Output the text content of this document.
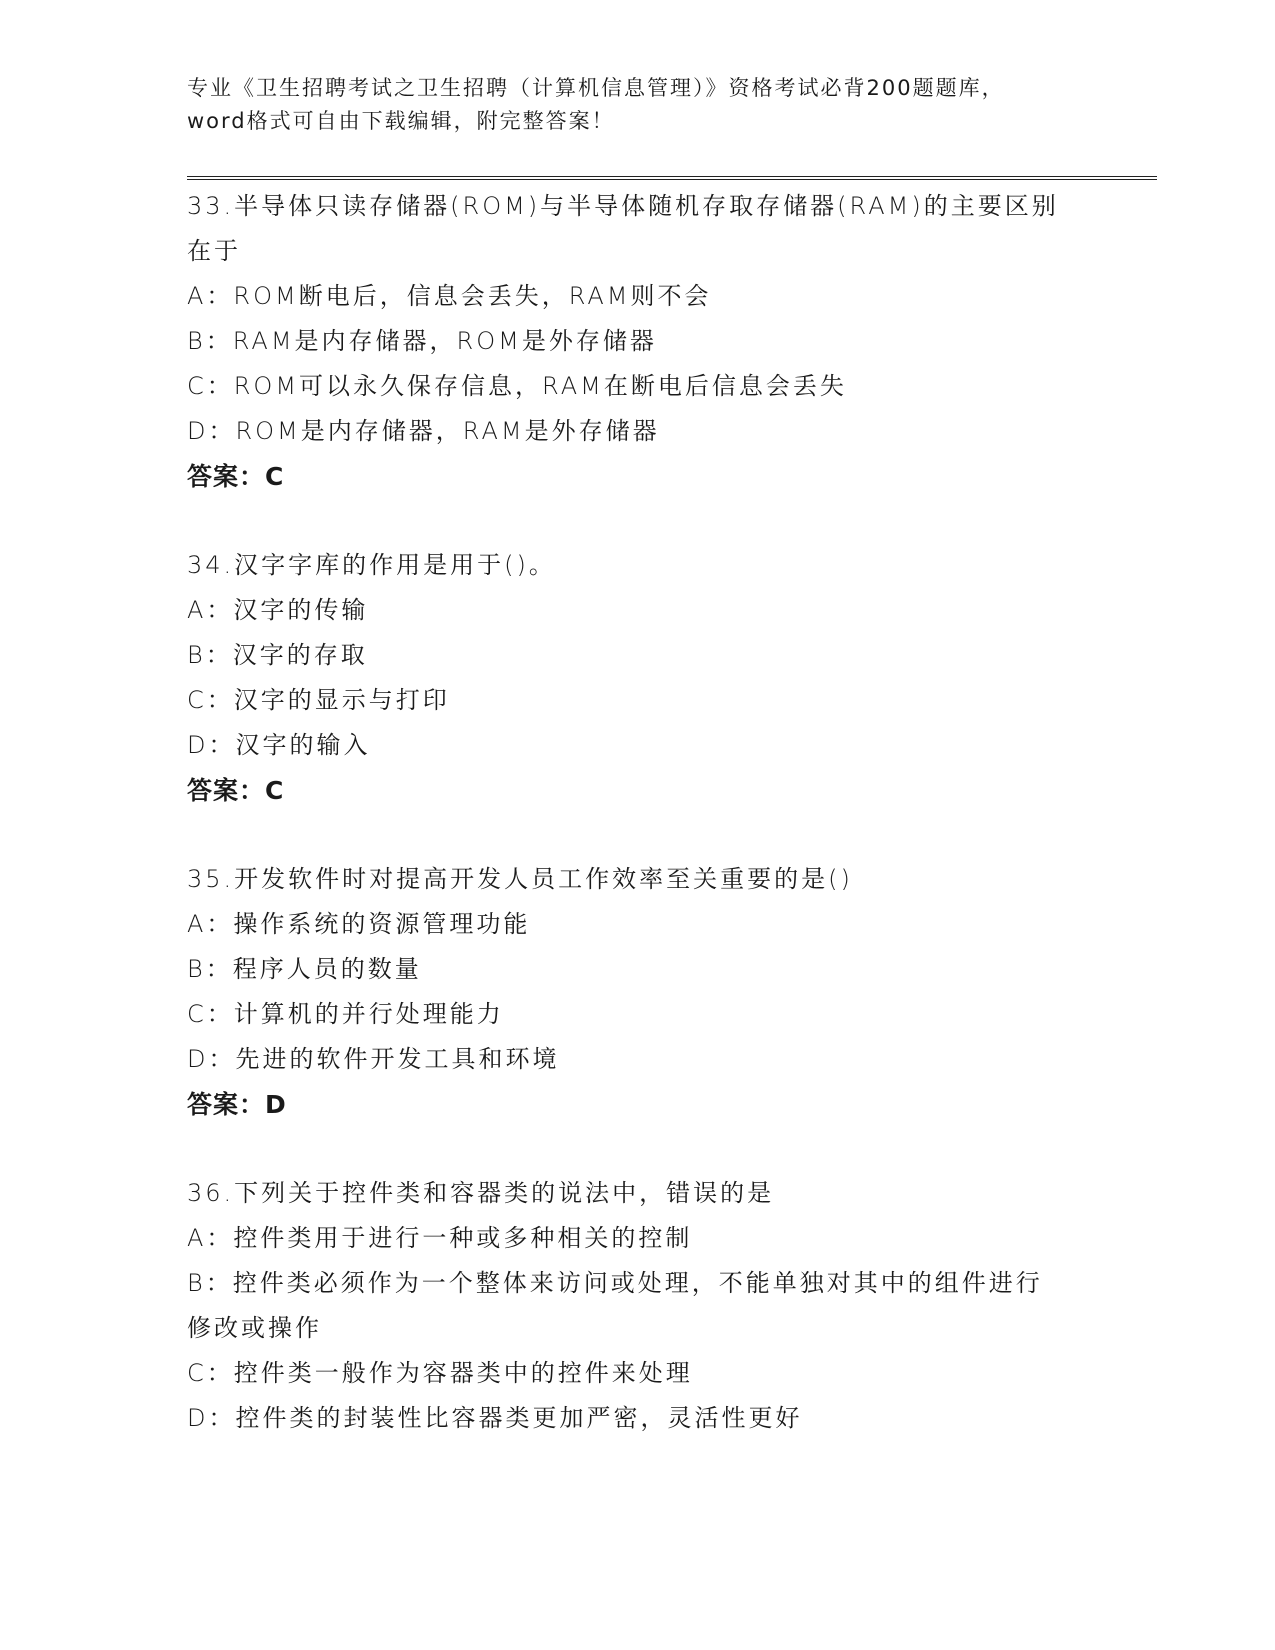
专业《卫生招聘考试之卫生招聘（计算机信息管理）》资格考试必背200题题库，
word格式可自由下载编辑，附完整答案！
33.半导体只读存储器(ROM)与半导体随机存取存储器(RAM)的主要区别在于
A：ROM断电后，信息会丢失，RAM则不会
B：RAM是内存储器，ROM是外存储器
C：ROM可以永久保存信息，RAM在断电后信息会丢失
D：ROM是内存储器，RAM是外存储器
答案：C
34.汉字字库的作用是用于()。
A：汉字的传输
B：汉字的存取
C：汉字的显示与打印
D：汉字的输入
答案：C
35.开发软件时对提高开发人员工作效率至关重要的是()
A：操作系统的资源管理功能
B：程序人员的数量
C：计算机的并行处理能力
D：先进的软件开发工具和环境
答案：D
36.下列关于控件类和容器类的说法中，错误的是
A：控件类用于进行一种或多种相关的控制
B：控件类必须作为一个整体来访问或处理，不能单独对其中的组件进行修改或操作
C：控件类一般作为容器类中的控件来处理
D：控件类的封装性比容器类更加严密，灵活性更好
